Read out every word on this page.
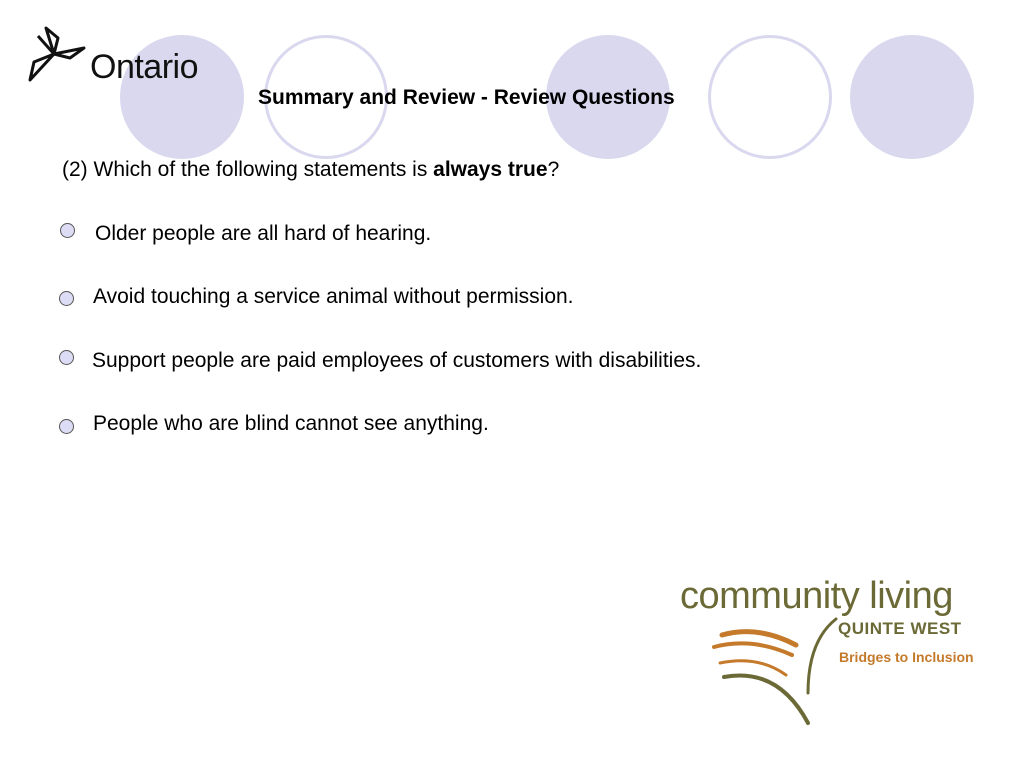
Ontario
Summary and Review - Review Questions
(2) Which of the following statements is always true?
Older people are all hard of hearing.
Avoid touching a service animal without permission.
Support people are paid employees of customers with disabilities.
People who are blind cannot see anything.
community living
QUINTE WEST
Bridges to Inclusion
